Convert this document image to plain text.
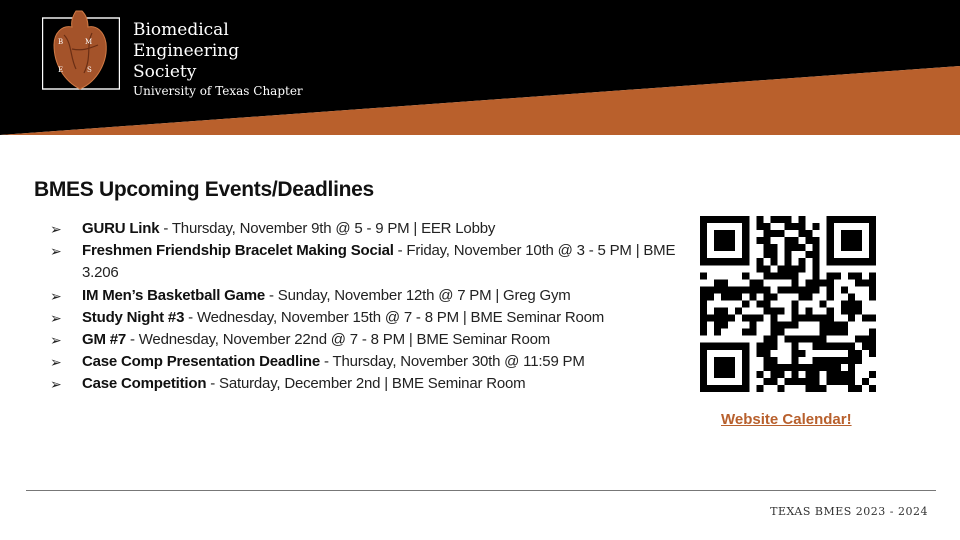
B	M
E	S
Biomedical
Engineering
Society
University of Texas Chapter
BMES Upcoming Events/Deadlines
➢ GURU Link - Thursday, November 9th @ 5 - 9 PM | EER Lobby
➢ Freshmen Friendship Bracelet Making Social - Friday, November 10th @ 3 - 5 PM | BME 3.206
➢ IM Men’s Basketball Game - Sunday, November 12th @ 7 PM | Greg Gym
➢ Study Night #3 - Wednesday, November 15th @ 7 - 8 PM | BME Seminar Room
➢ GM #7 - Wednesday, November 22nd @ 7 - 8 PM | BME Seminar Room
➢ Case Comp Presentation Deadline - Thursday, November 30th @ 11:59 PM
➢ Case Competition - Saturday, December 2nd | BME Seminar Room
Website Calendar!
TEXAS BMES 2023 - 2024
